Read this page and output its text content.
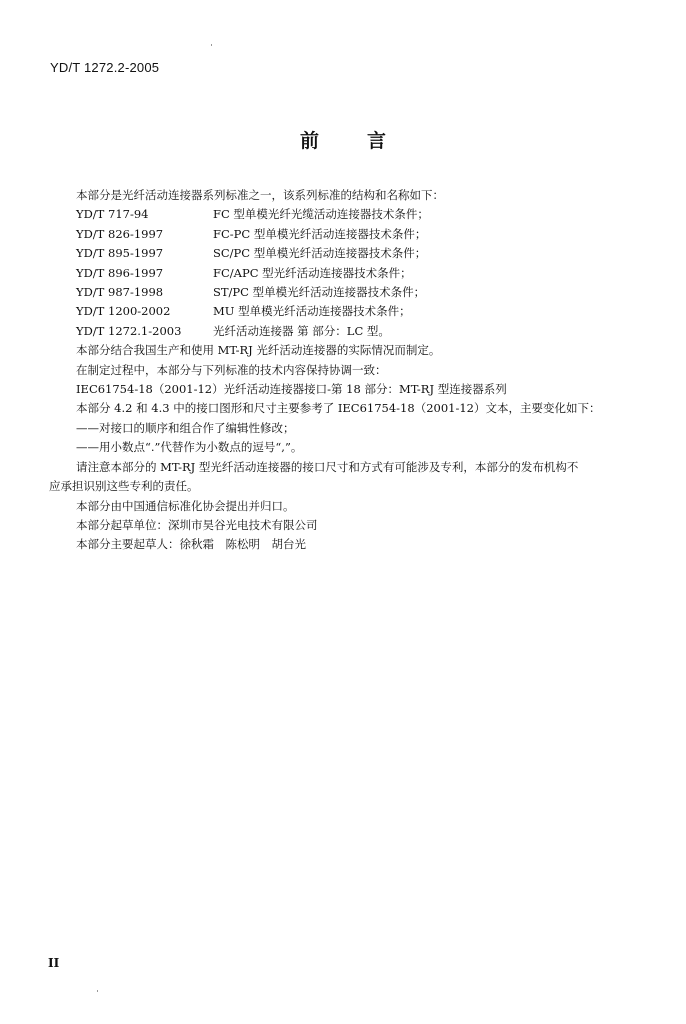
YD/T 1272.2-2005
前言
本部分是光纤活动连接器系列标准之一，该系列标准的结构和名称如下：
YD/T 717-94	FC 型单模光纤光缆活动连接器技术条件；
YD/T 826-1997	FC-PC 型单模光纤活动连接器技术条件；
YD/T 895-1997	SC/PC 型单模光纤活动连接器技术条件；
YD/T 896-1997	FC/APC 型光纤活动连接器技术条件；
YD/T 987-1998	ST/PC 型单模光纤活动连接器技术条件；
YD/T 1200-2002	MU 型单模光纤活动连接器技术条件；
YD/T 1272.1-2003	光纤活动连接器 第 部分：LC 型。
本部分结合我国生产和使用 MT-RJ 光纤活动连接器的实际情况而制定。
在制定过程中，本部分与下列标准的技术内容保持协调一致：
IEC61754-18（2001-12）光纤活动连接器接口-第 18 部分：MT-RJ 型连接器系列
本部分 4.2 和 4.3 中的接口图形和尺寸主要参考了 IEC61754-18（2001-12）文本，主要变化如下：
——对接口的顺序和组合作了编辑性修改；
——用小数点“.”代替作为小数点的逗号“,”。
请注意本部分的 MT-RJ 型光纤活动连接器的接口尺寸和方式有可能涉及专利，本部分的发布机构不
应承担识别这些专利的责任。
本部分由中国通信标准化协会提出并归口。
本部分起草单位：深圳市昊谷光电技术有限公司
本部分主要起草人：徐秋霜　陈松明　胡台光
II
